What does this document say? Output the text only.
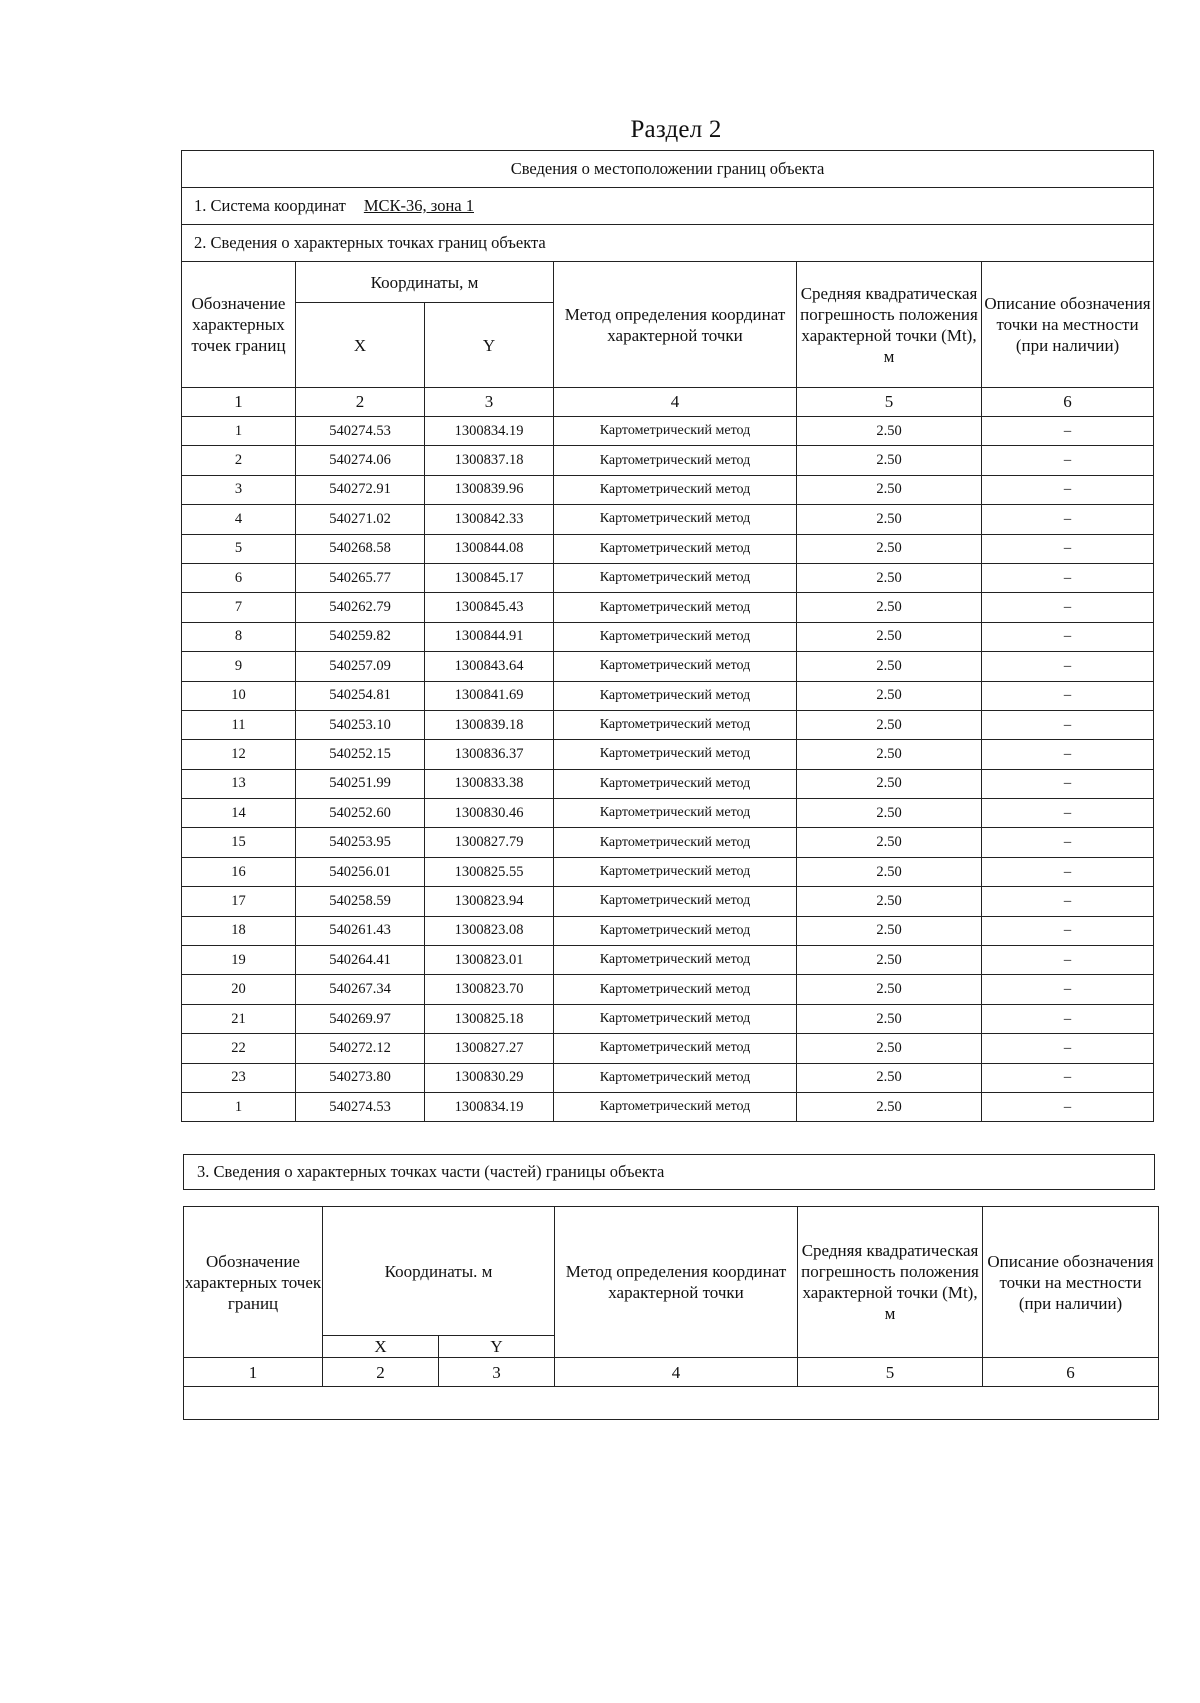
Раздел 2
Сведения о местоположении границ объекта					
1. Система координат МСК-36, зона 1					
2. Сведения о характерных точках границ объекта					
Обозначение характерных точек границ	Координаты, м		Метод определения координат характерной точки	Средняя квадратическая погрешность положения характерной точки (Mt), м	Описание обозначения точки на местности (при наличии)
	X	Y			
1	2	3	4	5	6
1	540274.53	1300834.19	Картометрический метод	2.50	–
2	540274.06	1300837.18	Картометрический метод	2.50	–
3	540272.91	1300839.96	Картометрический метод	2.50	–
4	540271.02	1300842.33	Картометрический метод	2.50	–
5	540268.58	1300844.08	Картометрический метод	2.50	–
6	540265.77	1300845.17	Картометрический метод	2.50	–
7	540262.79	1300845.43	Картометрический метод	2.50	–
8	540259.82	1300844.91	Картометрический метод	2.50	–
9	540257.09	1300843.64	Картометрический метод	2.50	–
10	540254.81	1300841.69	Картометрический метод	2.50	–
11	540253.10	1300839.18	Картометрический метод	2.50	–
12	540252.15	1300836.37	Картометрический метод	2.50	–
13	540251.99	1300833.38	Картометрический метод	2.50	–
14	540252.60	1300830.46	Картометрический метод	2.50	–
15	540253.95	1300827.79	Картометрический метод	2.50	–
16	540256.01	1300825.55	Картометрический метод	2.50	–
17	540258.59	1300823.94	Картометрический метод	2.50	–
18	540261.43	1300823.08	Картометрический метод	2.50	–
19	540264.41	1300823.01	Картометрический метод	2.50	–
20	540267.34	1300823.70	Картометрический метод	2.50	–
21	540269.97	1300825.18	Картометрический метод	2.50	–
22	540272.12	1300827.27	Картометрический метод	2.50	–
23	540273.80	1300830.29	Картометрический метод	2.50	–
1	540274.53	1300834.19	Картометрический метод	2.50	–
3. Сведения о характерных точках части (частей) границы объекта
Обозначение характерных точек границ	Координаты. м		Метод определения координат характерной точки	Средняя квадратическая погрешность положения характерной точки (Mt), м	Описание обозначения точки на местности (при наличии)
	X	Y			
1	2	3	4	5	6
